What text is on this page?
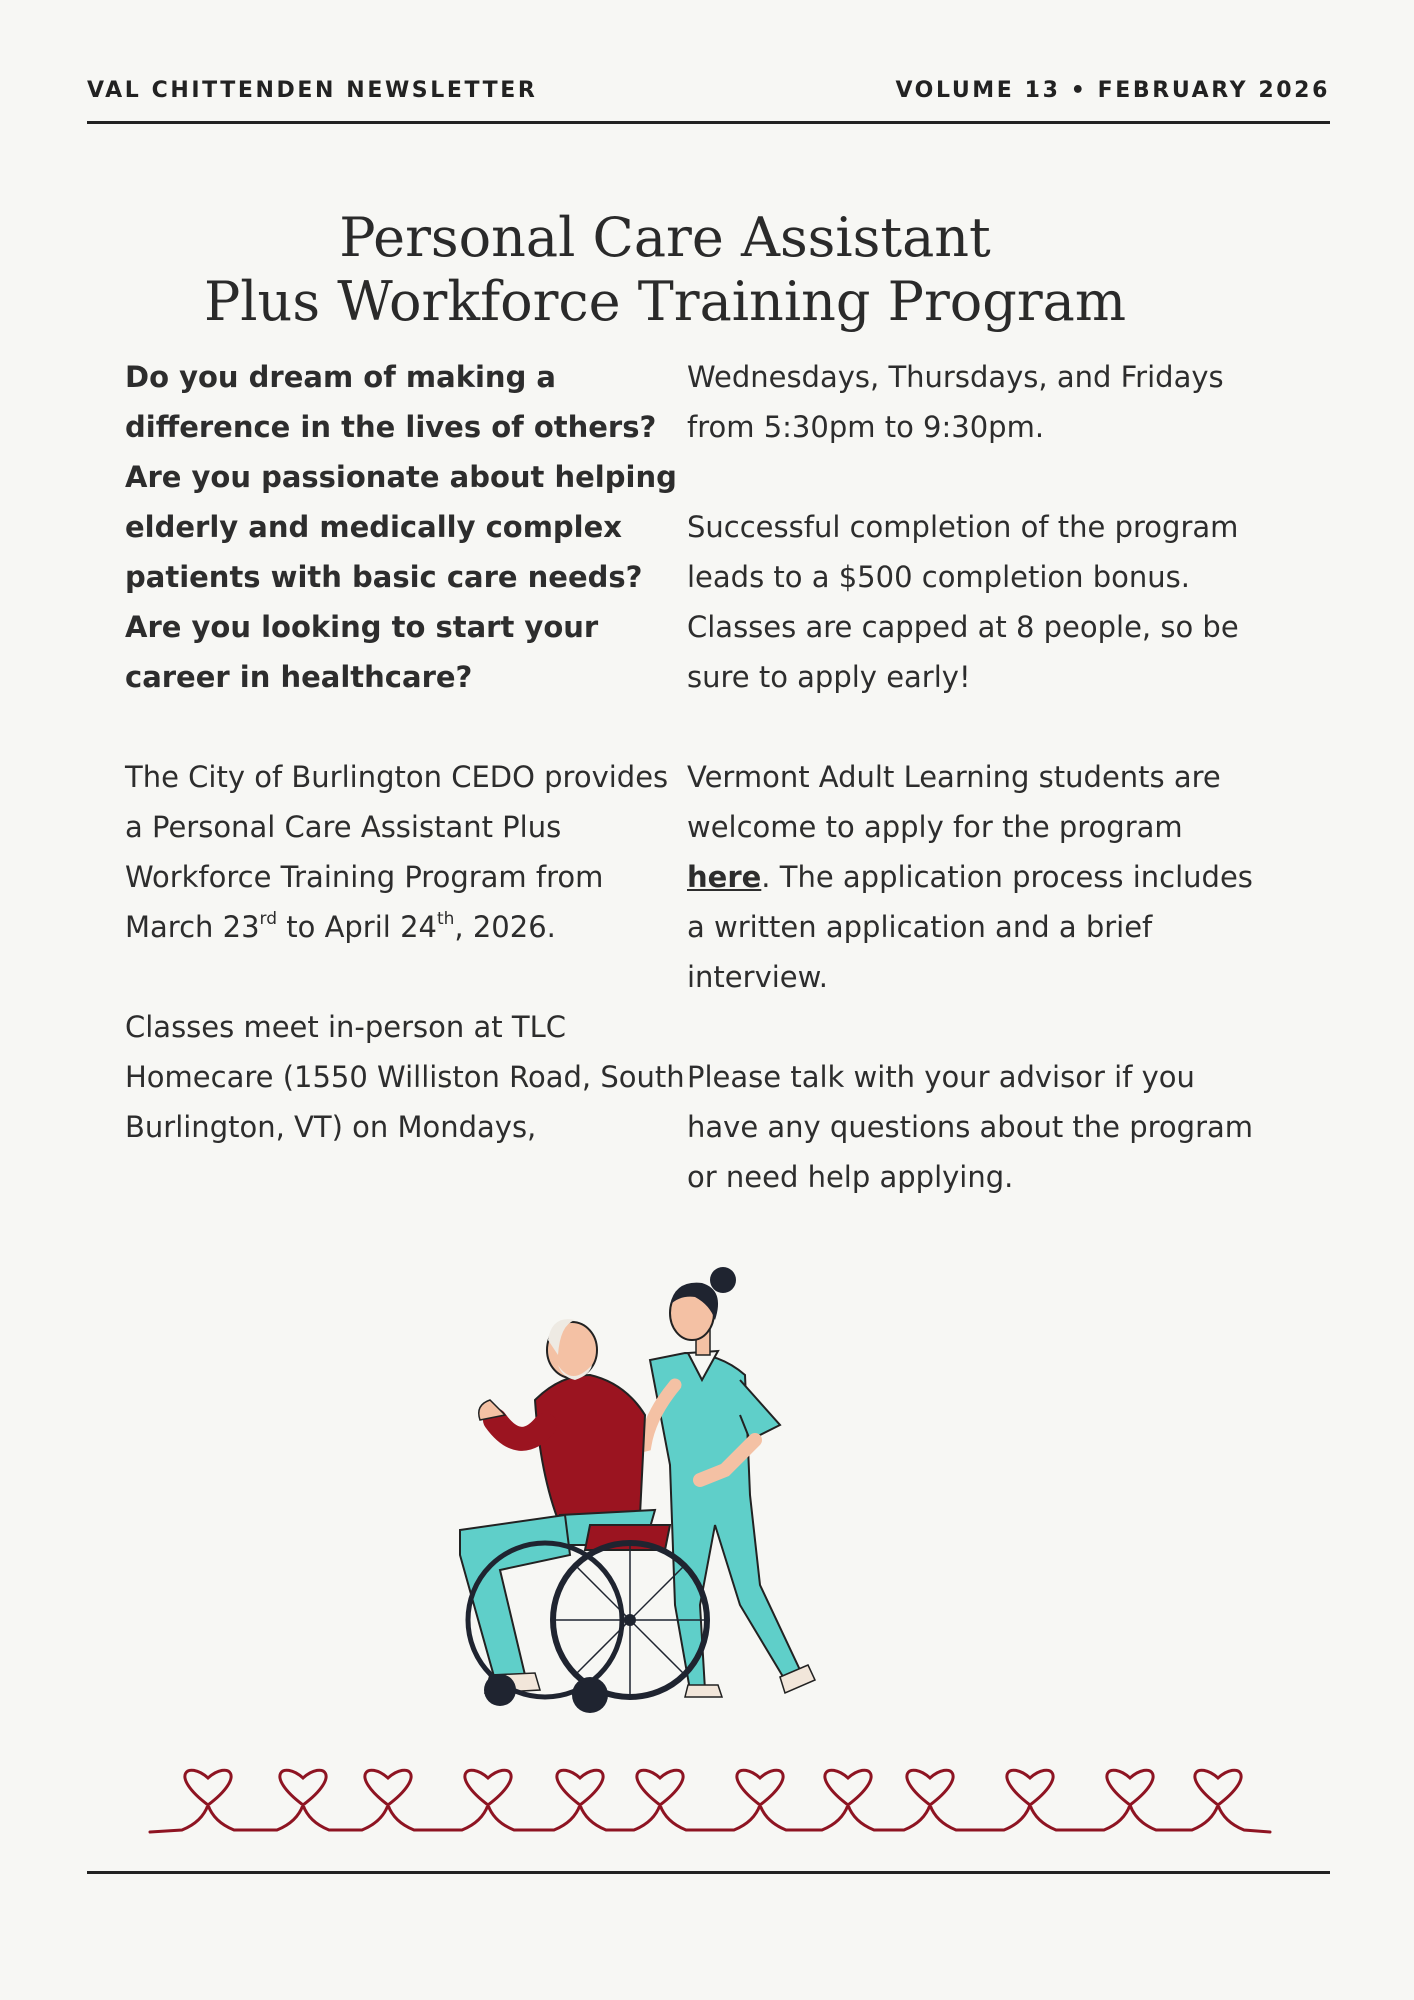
VAL CHITTENDEN NEWSLETTER	VOLUME 13 • FEBRUARY 2026
Personal Care Assistant
Plus Workforce Training Program

Do you dream of making a difference in the lives of others? Are you passionate about helping elderly and medically complex patients with basic care needs? Are you looking to start your career in healthcare?

The City of Burlington CEDO provides a Personal Care Assistant Plus Workforce Training Program from March 23rd to April 24th, 2026.

Classes meet in-person at TLC Homecare (1550 Williston Road, South Burlington, VT) on Mondays,

Wednesdays, Thursdays, and Fridays from 5:30pm to 9:30pm.

Successful completion of the program leads to a $500 completion bonus. Classes are capped at 8 people, so be sure to apply early!

Vermont Adult Learning students are welcome to apply for the program here. The application process includes a written application and a brief interview.

Please talk with your advisor if you have any questions about the program or need help applying.
